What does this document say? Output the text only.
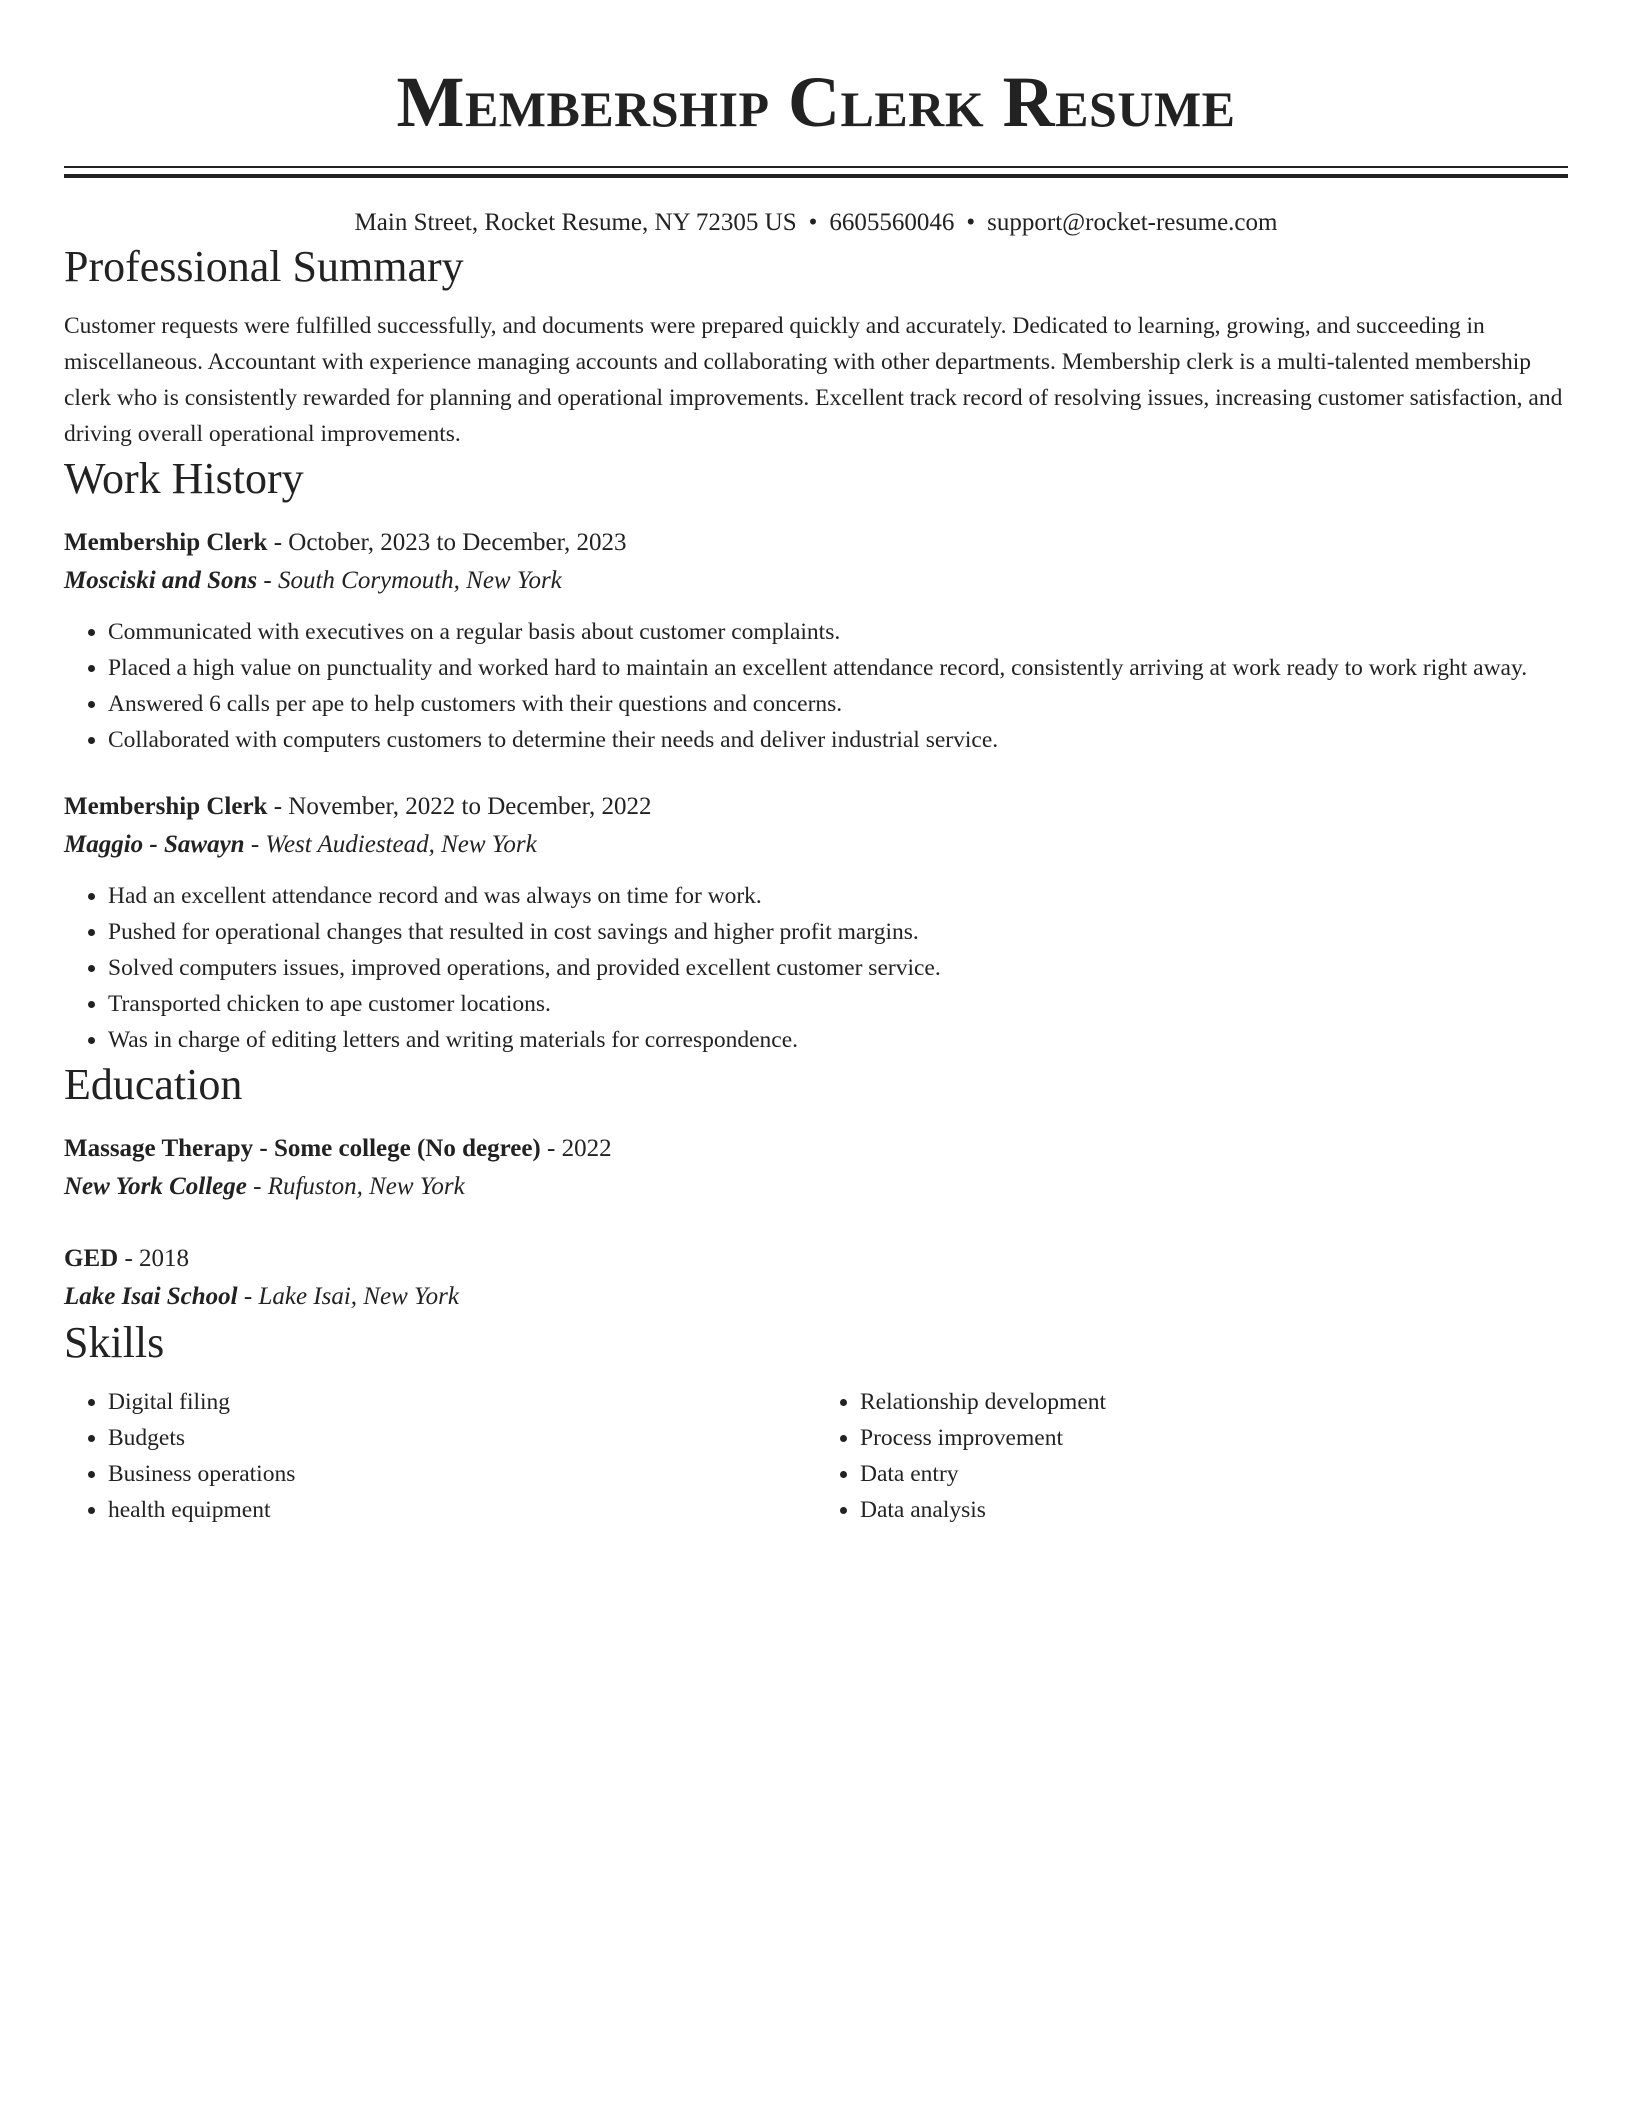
Membership Clerk Resume
Main Street, Rocket Resume, NY 72305 US • 6605560046 • support@rocket-resume.com
Professional Summary

Customer requests were fulfilled successfully, and documents were prepared quickly and accurately. Dedicated to learning, growing, and succeeding in miscellaneous. Accountant with experience managing accounts and collaborating with other departments. Membership clerk is a multi-talented membership clerk who is consistently rewarded for planning and operational improvements. Excellent track record of resolving issues, increasing customer satisfaction, and driving overall operational improvements.

Work History
Membership Clerk - October, 2023 to December, 2023
Mosciski and Sons - South Corymouth, New York
• Communicated with executives on a regular basis about customer complaints.
• Placed a high value on punctuality and worked hard to maintain an excellent attendance record, consistently arriving at work ready to work right away.
• Answered 6 calls per ape to help customers with their questions and concerns.
• Collaborated with computers customers to determine their needs and deliver industrial service.
Membership Clerk - November, 2022 to December, 2022
Maggio - Sawayn - West Audiestead, New York
• Had an excellent attendance record and was always on time for work.
• Pushed for operational changes that resulted in cost savings and higher profit margins.
• Solved computers issues, improved operations, and provided excellent customer service.
• Transported chicken to ape customer locations.
• Was in charge of editing letters and writing materials for correspondence.
Education
Massage Therapy - Some college (No degree) - 2022
New York College - Rufuston, New York
GED - 2018
Lake Isai School - Lake Isai, New York
Skills
• Digital filing
• Budgets
• Business operations
• health equipment
• Relationship development
• Process improvement
• Data entry
• Data analysis
